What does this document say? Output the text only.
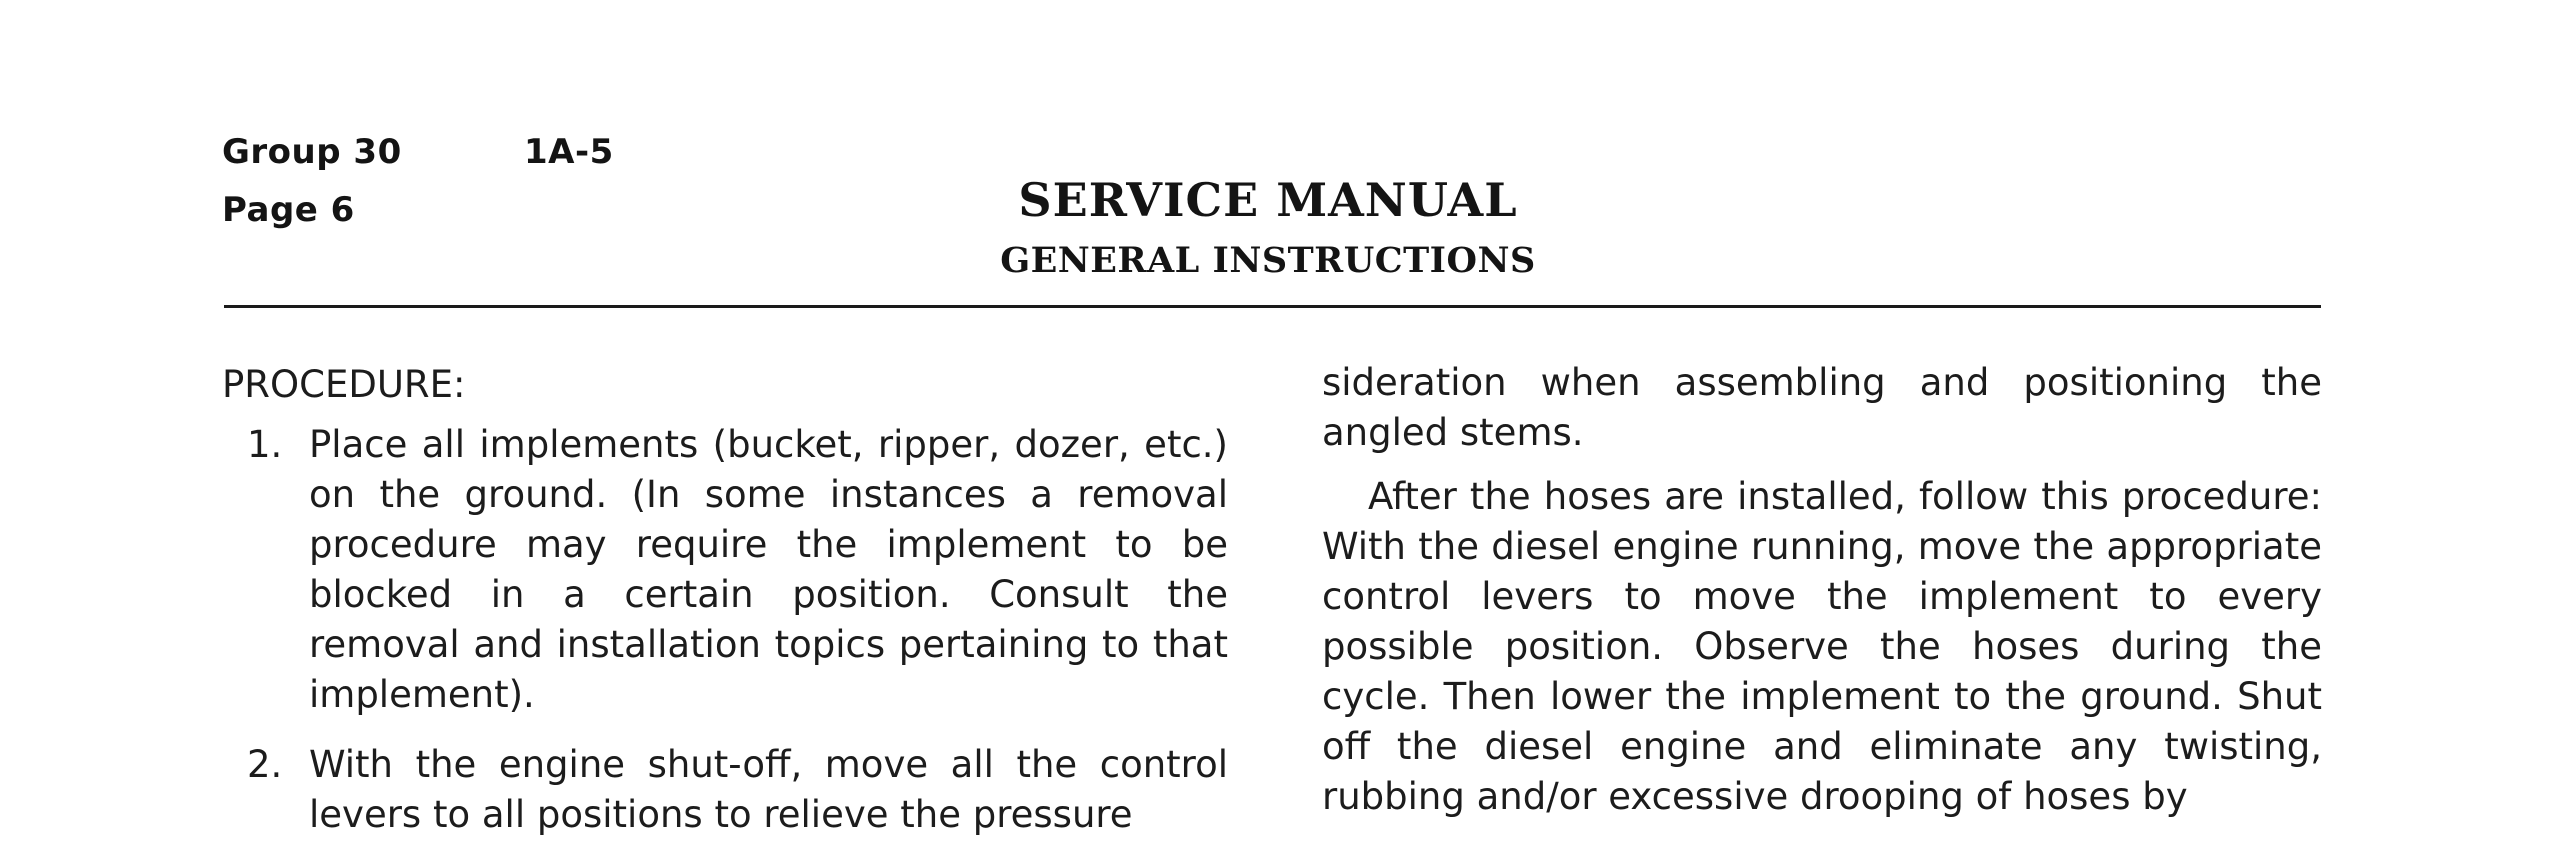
Group 30	1A-5
Page 6	SERVICE MANUAL
GENERAL INSTRUCTIONS
PROCEDURE:
1. Place all implements (bucket, ripper, dozer, etc.) on the ground. (In some instances a removal procedure may require the implement to be blocked in a certain position. Consult the removal and installation topics pertaining to that implement).
2. With the engine shut-off, move all the control levers to all positions to relieve the pressure
sideration when assembling and positioning the angled stems.
After the hoses are installed, follow this procedure: With the diesel engine running, move the appropriate control levers to move the implement to every possible position. Observe the hoses during the cycle. Then lower the implement to the ground. Shut off the diesel engine and eliminate any twisting, rubbing and/or excessive drooping of hoses by
